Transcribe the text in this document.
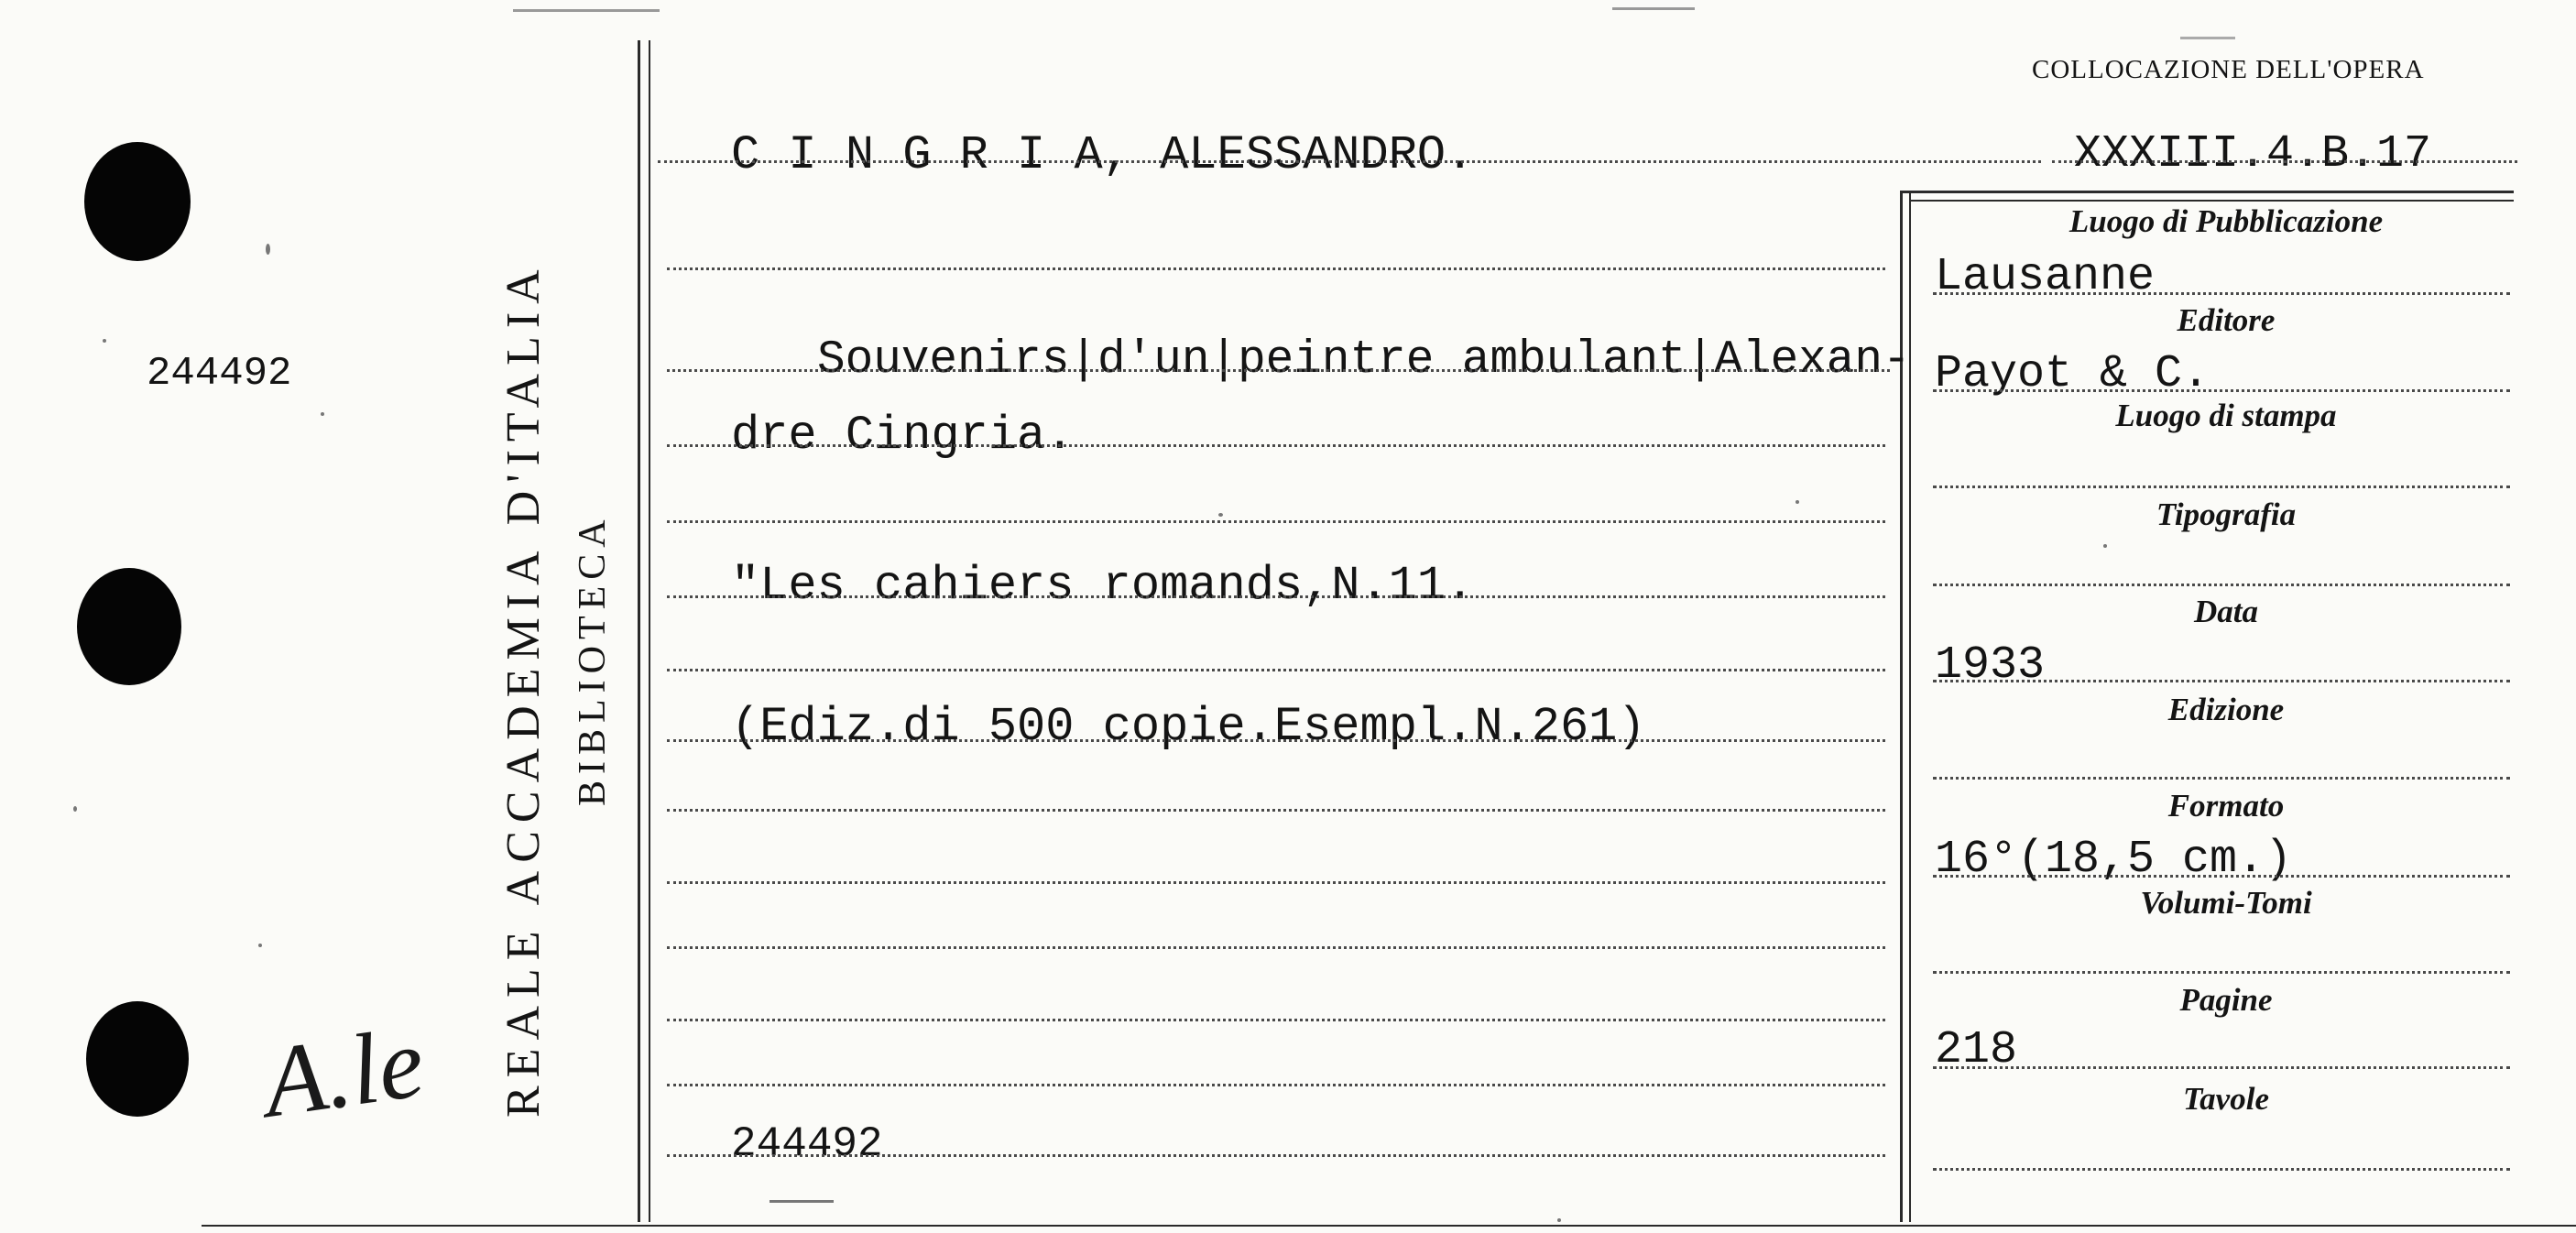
244492
A.le REALE ACCADEMIA D'ITALIA BIBLIOTECA
COLLOCAZIONE DELL'OPERA
XXXIII.4.B.17
C I N G R I A, ALESSANDRO.
Souvenirs|d'un|peintre ambulant|Alexan-
dre Cingria.
"Les cahiers romands,N.11.
(Ediz.di 500 copie.Esempl.N.261)
244492
Luogo di Pubblicazione
Lausanne
Editore
Payot & C.
Luogo di stampa
Tipografia
Data
1933
Edizione
Formato
16°(18,5 cm.)
Volumi-Tomi
Pagine
218
Tavole
